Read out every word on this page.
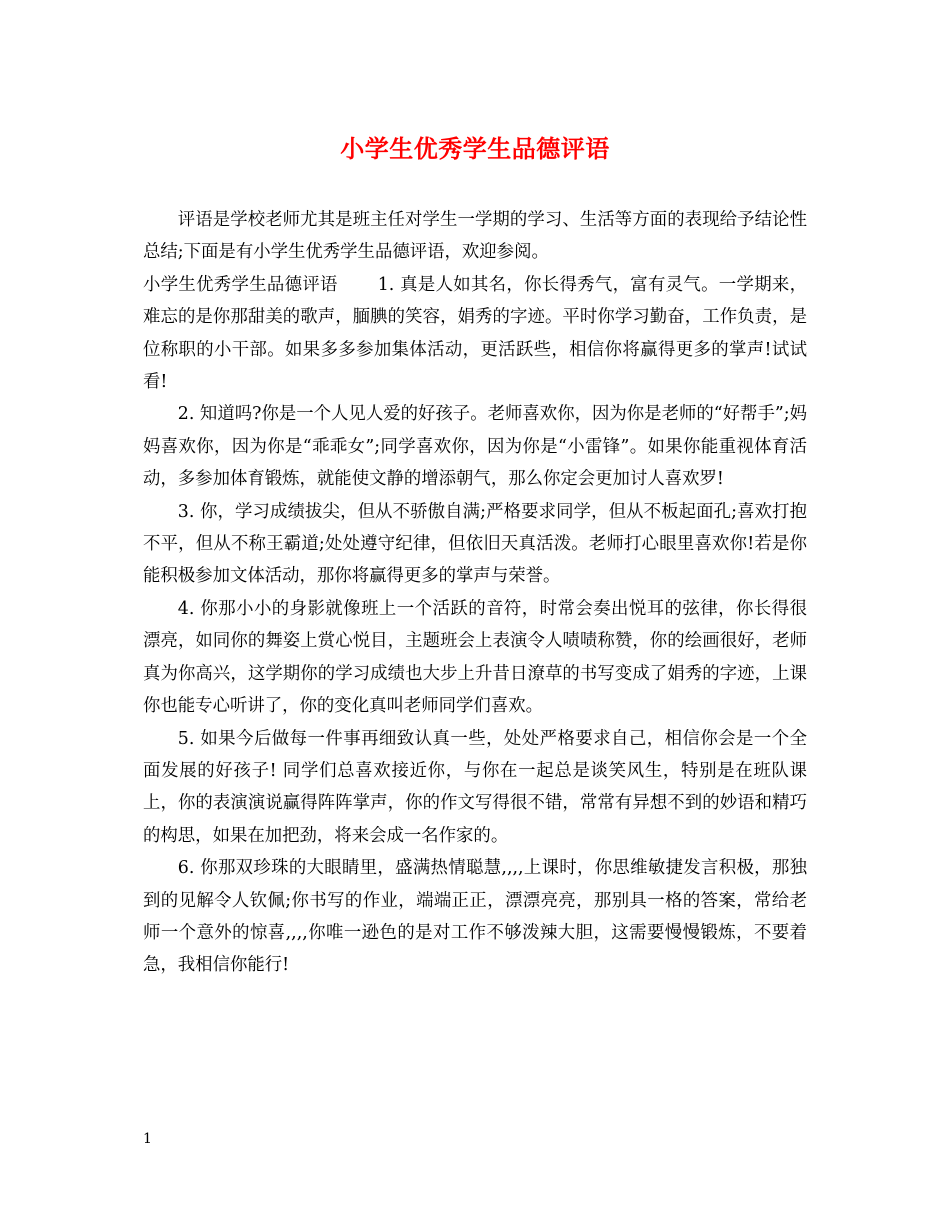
小学生优秀学生品德评语

评语是学校老师尤其是班主任对学生一学期的学习、生活等方面的表现给予结论性总结;下面是有小学生优秀学生品德评语，欢迎参阅。

小学生优秀学生品德评语 1. 真是人如其名，你长得秀气，富有灵气。一学期来，难忘的是你那甜美的歌声，腼腆的笑容，娟秀的字迹。平时你学习勤奋，工作负责，是位称职的小干部。如果多多参加集体活动，更活跃些，相信你将赢得更多的掌声!试试看!

2. 知道吗?你是一个人见人爱的好孩子。老师喜欢你，因为你是老师的“好帮手”;妈妈喜欢你，因为你是“乖乖女”;同学喜欢你，因为你是“小雷锋”。如果你能重视体育活动，多参加体育锻炼，就能使文静的增添朝气，那么你定会更加讨人喜欢罗!

3. 你，学习成绩拔尖，但从不骄傲自满;严格要求同学，但从不板起面孔;喜欢打抱不平，但从不称王霸道;处处遵守纪律，但依旧天真活泼。老师打心眼里喜欢你!若是你能积极参加文体活动，那你将赢得更多的掌声与荣誉。

4. 你那小小的身影就像班上一个活跃的音符，时常会奏出悦耳的弦律，你长得很漂亮，如同你的舞姿上赏心悦目，主题班会上表演令人啧啧称赞，你的绘画很好，老师真为你高兴，这学期你的学习成绩也大步上升昔日潦草的书写变成了娟秀的字迹，上课你也能专心听讲了，你的变化真叫老师同学们喜欢。

5. 如果今后做每一件事再细致认真一些，处处严格要求自己，相信你会是一个全面发展的好孩子! 同学们总喜欢接近你，与你在一起总是谈笑风生，特别是在班队课上，你的表演演说赢得阵阵掌声，你的作文写得很不错，常常有异想不到的妙语和精巧的构思，如果在加把劲，将来会成一名作家的。

6. 你那双珍珠的大眼睛里，盛满热情聪慧,,,,上课时，你思维敏捷发言积极，那独到的见解令人钦佩;你书写的作业，端端正正，漂漂亮亮，那别具一格的答案，常给老师一个意外的惊喜,,,,你唯一逊色的是对工作不够泼辣大胆，这需要慢慢锻炼，不要着急，我相信你能行!

1
